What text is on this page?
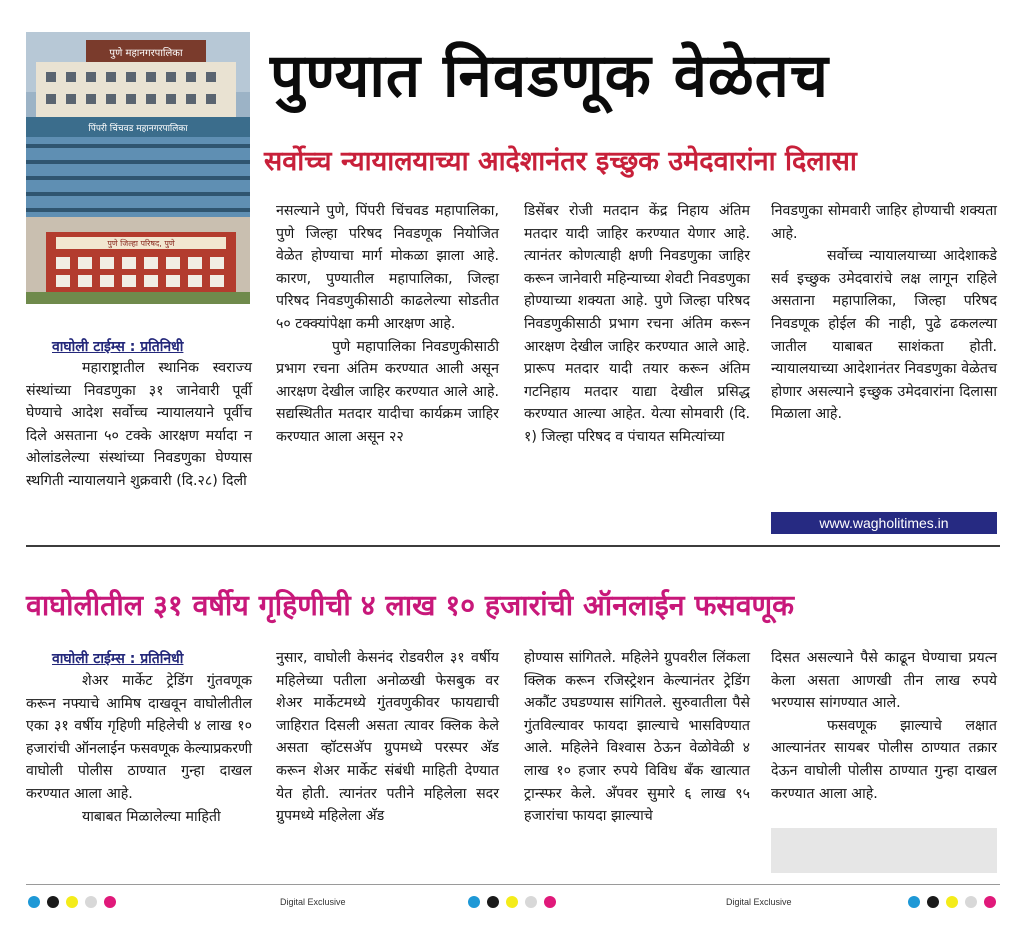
पुणे महानगरपालिका
पिंपरी चिंचवड महानगरपालिका
पुणे जिल्हा परिषद, पुणे
पुण्यात निवडणूक वेळेतच
सर्वोच्च न्यायालयाच्या आदेशानंतर इच्छुक उमेदवारांना दिलासा
वाघोली टाईम्स : प्रतिनिधी

महाराष्ट्रातील स्थानिक स्वराज्य संस्थांच्या निवडणुका ३१ जानेवारी पूर्वी घेण्याचे आदेश सर्वोच्च न्यायालयाने पूर्वीच दिले असताना ५० टक्के आरक्षण मर्यादा न ओलांडलेल्या संस्थांच्या निवडणुका घेण्यास स्थगिती न्यायालयाने शुक्रवारी (दि.२८) दिली

नसल्याने पुणे, पिंपरी चिंचवड महापालिका, पुणे जिल्हा परिषद निवडणूक नियोजित वेळेत होण्याचा मार्ग मोकळा झाला आहे. कारण, पुण्यातील महापालिका, जिल्हा परिषद निवडणुकीसाठी काढलेल्या सोडतीत ५० टक्क्यांपेक्षा कमी आरक्षण आहे.

पुणे महापालिका निवडणुकीसाठी प्रभाग रचना अंतिम करण्यात आली असून आरक्षण देखील जाहिर करण्यात आले आहे. सद्यस्थितीत मतदार यादीचा कार्यक्रम जाहिर करण्यात आला असून २२

डिसेंबर रोजी मतदान केंद्र निहाय अंतिम मतदार यादी जाहिर करण्यात येणार आहे. त्यानंतर कोणत्याही क्षणी निवडणुका जाहिर करून जानेवारी महिन्याच्या शेवटी निवडणुका होण्याच्या शक्यता आहे. पुणे जिल्हा परिषद निवडणुकीसाठी प्रभाग रचना अंतिम करून आरक्षण देखील जाहिर करण्यात आले आहे. प्रारूप मतदार यादी तयार करून अंतिम गटनिहाय मतदार याद्या देखील प्रसिद्ध करण्यात आल्या आहेत. येत्या सोमवारी (दि. १) जिल्हा परिषद व पंचायत समित्यांच्या

निवडणुका सोमवारी जाहिर होण्याची शक्यता आहे.

सर्वोच्च न्यायालयाच्या आदेशाकडे सर्व इच्छुक उमेदवारांचे लक्ष लागून राहिले असताना महापालिका, जिल्हा परिषद निवडणूक होईल की नाही, पुढे ढकलल्या जातील याबाबत साशंकता होती. न्यायालयाच्या आदेशानंतर निवडणुका वेळेतच होणार असल्याने इच्छुक उमेदवारांना दिलासा मिळाला आहे.

www.wagholitimes.in
वाघोलीतील ३१ वर्षीय गृहिणीची ४ लाख १० हजारांची ऑनलाईन फसवणूक
वाघोली टाईम्स : प्रतिनिधी

शेअर मार्केट ट्रेडिंग गुंतवणूक करून नफ्याचे आमिष दाखवून वाघोलीतील एका ३१ वर्षीय गृहिणी महिलेची ४ लाख १० हजारांची ऑनलाईन फसवणूक केल्याप्रकरणी वाघोली पोलीस ठाण्यात गुन्हा दाखल करण्यात आला आहे.

याबाबत मिळालेल्या माहिती

नुसार, वाघोली केसनंद रोडवरील ३१ वर्षीय महिलेच्या पतीला अनोळखी फेसबुक वर शेअर मार्केटमध्ये गुंतवणुकीवर फायद्याची जाहिरात दिसली असता त्यावर क्लिक केले असता व्हॉटसअ‍ॅप ग्रुपमध्ये परस्पर अ‍ॅड करून शेअर मार्केट संबंधी माहिती देण्यात येत होती. त्यानंतर पतीने महिलेला सदर ग्रुपमध्ये महिलेला अ‍ॅड

होण्यास सांगितले. महिलेने ग्रुपवरील लिंकला क्लिक करून रजिस्ट्रेशन केल्यानंतर ट्रेडिंग अकौंट उघडण्यास सांगितले. सुरुवातीला पैसे गुंतविल्यावर फायदा झाल्याचे भासविण्यात आले. महिलेने विश्वास ठेऊन वेळोवेळी ४ लाख १० हजार रुपये विविध बँक खात्यात ट्रान्स्फर केले. अँपवर सुमारे ६ लाख ९५ हजारांचा फायदा झाल्याचे

दिसत असल्याने पैसे काढून घेण्याचा प्रयत्न केला असता आणखी तीन लाख रुपये भरण्यास सांगण्यात आले.

फसवणूक झाल्याचे लक्षात आल्यानंतर सायबर पोलीस ठाण्यात तक्रार देऊन वाघोली पोलीस ठाण्यात गुन्हा दाखल करण्यात आला आहे.

Digital Exclusive	Digital Exclusive
